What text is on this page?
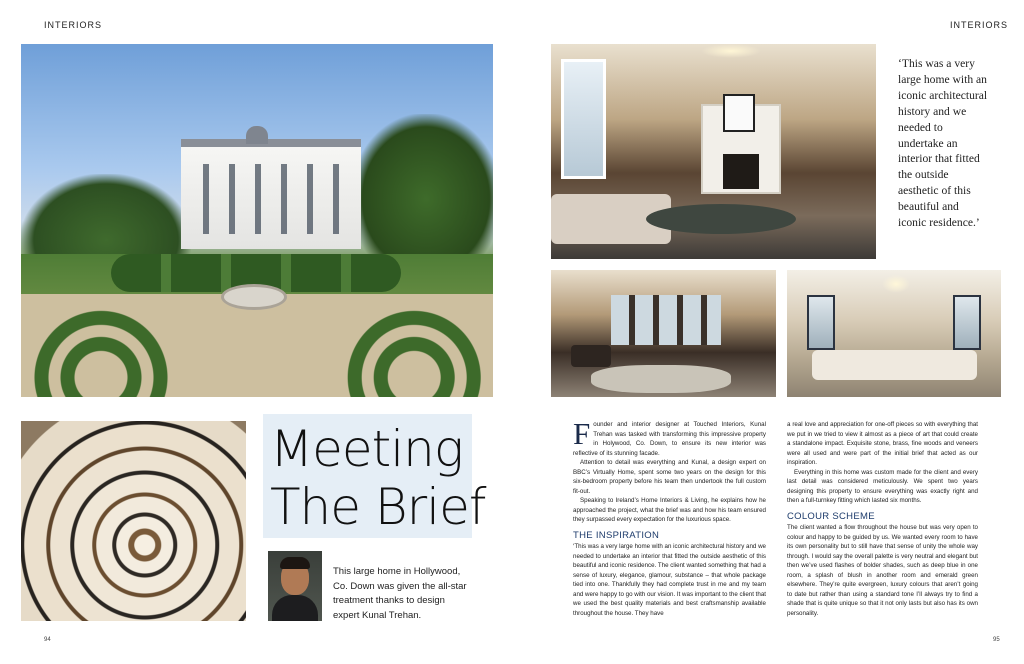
INTERIORS	INTERIORS
Meeting
The Brief
This large home in Hollywood, Co. Down was given the all-star treatment thanks to design expert Kunal Trehan.
‘This was a very large home with an iconic architectural history and we needed to undertake an interior that fitted the outside aesthetic of this beautiful and iconic residence.’

Founder and interior designer at Touched Interiors, Kunal Trehan was tasked with transforming this impressive property in Holywood, Co. Down, to ensure its new interior was reflective of its stunning facade.

Attention to detail was everything and Kunal, a design expert on BBC’s Virtually Home, spent some two years on the design for this six-bedroom property before his team then undertook the full custom fit-out.

Speaking to Ireland’s Home Interiors & Living, he explains how he approached the project, what the brief was and how his team ensured they surpassed every expectation for the luxurious space.

THE INSPIRATION

‘This was a very large home with an iconic architectural history and we needed to undertake an interior that fitted the outside aesthetic of this beautiful and iconic residence. The client wanted something that had a sense of luxury, elegance, glamour, substance – that whole package tied into one. Thankfully they had complete trust in me and my team and were happy to go with our vision. It was important to the client that we used the best quality materials and best craftsmanship available throughout the house. They have

a real love and appreciation for one-off pieces so with everything that we put in we tried to view it almost as a piece of art that could create a standalone impact. Exquisite stone, brass, fine woods and veneers were all used and were part of the initial brief that acted as our inspiration.

Everything in this home was custom made for the client and every last detail was considered meticulously. We spent two years designing this property to ensure everything was exactly right and then a full-turnkey fitting which lasted six months.

COLOUR SCHEME

The client wanted a flow throughout the house but was very open to colour and happy to be guided by us. We wanted every room to have its own personality but to still have that sense of unity the whole way through. I would say the overall palette is very neutral and elegant but then we’ve used flashes of bolder shades, such as deep blue in one room, a splash of blush in another room and emerald green elsewhere. They’re quite evergreen, luxury colours that aren’t going to date but rather than using a standard tone I’ll always try to find a shade that is quite unique so that it not only lasts but also has its own personality.

94	95
